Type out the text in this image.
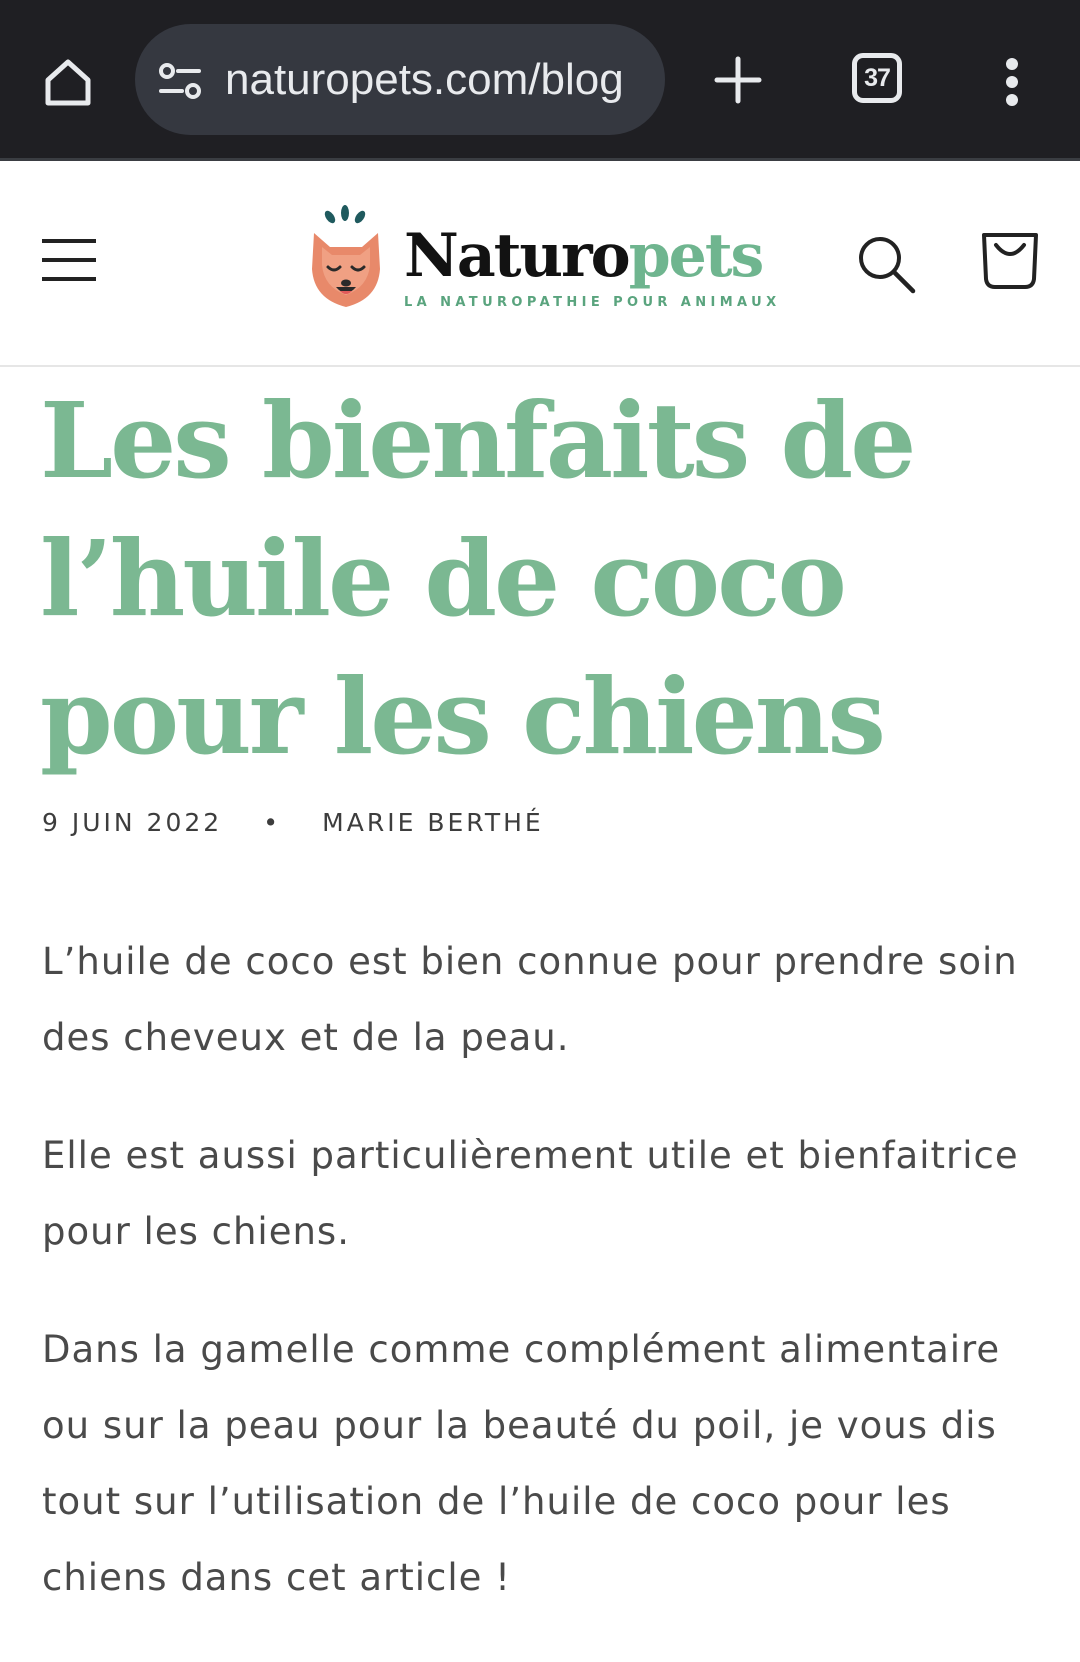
naturopets.com/blog	37
Naturopets
LA NATUROPATHIE POUR ANIMAUX
Les bienfaits de l’huile de coco pour les chiens
9 JUIN 2022 • MARIE BERTHÉ

L’huile de coco est bien connue pour prendre soin des cheveux et de la peau.

Elle est aussi particulièrement utile et bienfaitrice pour les chiens.

Dans la gamelle comme complément alimentaire ou sur la peau pour la beauté du poil, je vous dis tout sur l’utilisation de l’huile de coco pour les chiens dans cet article !
